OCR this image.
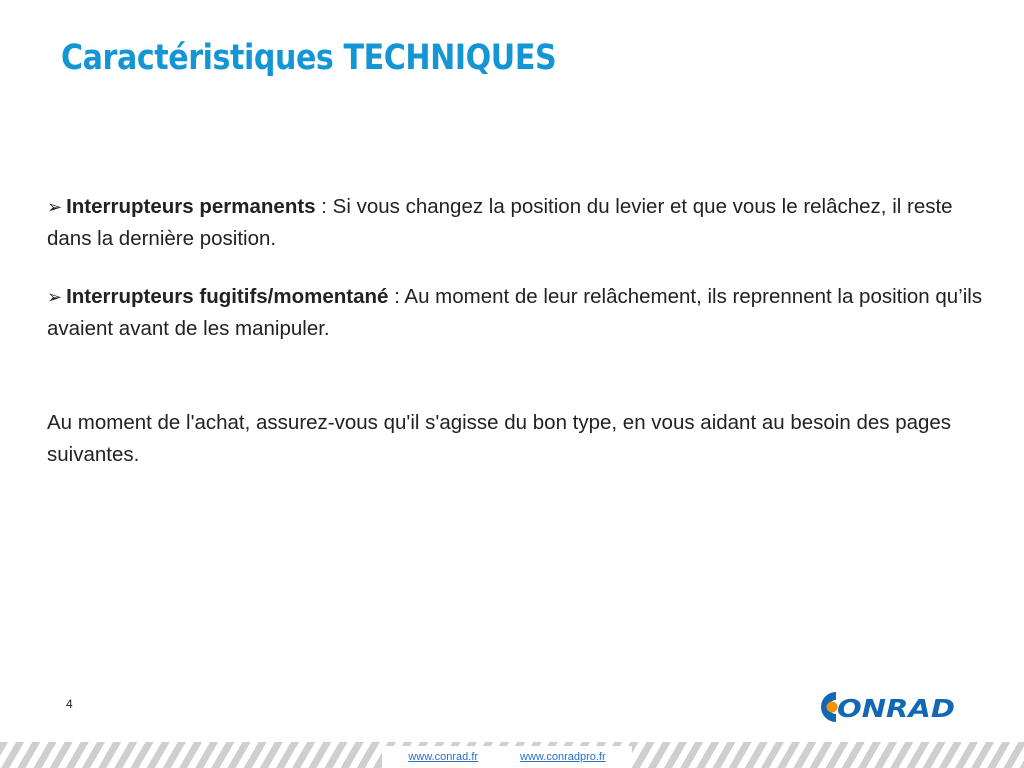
Caractéristiques TECHNIQUES

➢ Interrupteurs permanents : Si vous changez la position du levier et que vous le relâchez, il reste dans la dernière position.

➢ Interrupteurs fugitifs/momentané : Au moment de leur relâchement, ils reprennent la position qu’ils avaient avant de les manipuler.

Au moment de l'achat, assurez-vous qu'il s'agisse du bon type, en vous aidant au besoin des pages suivantes.

4	ONRAD
www.conrad.fr	www.conradpro.fr
